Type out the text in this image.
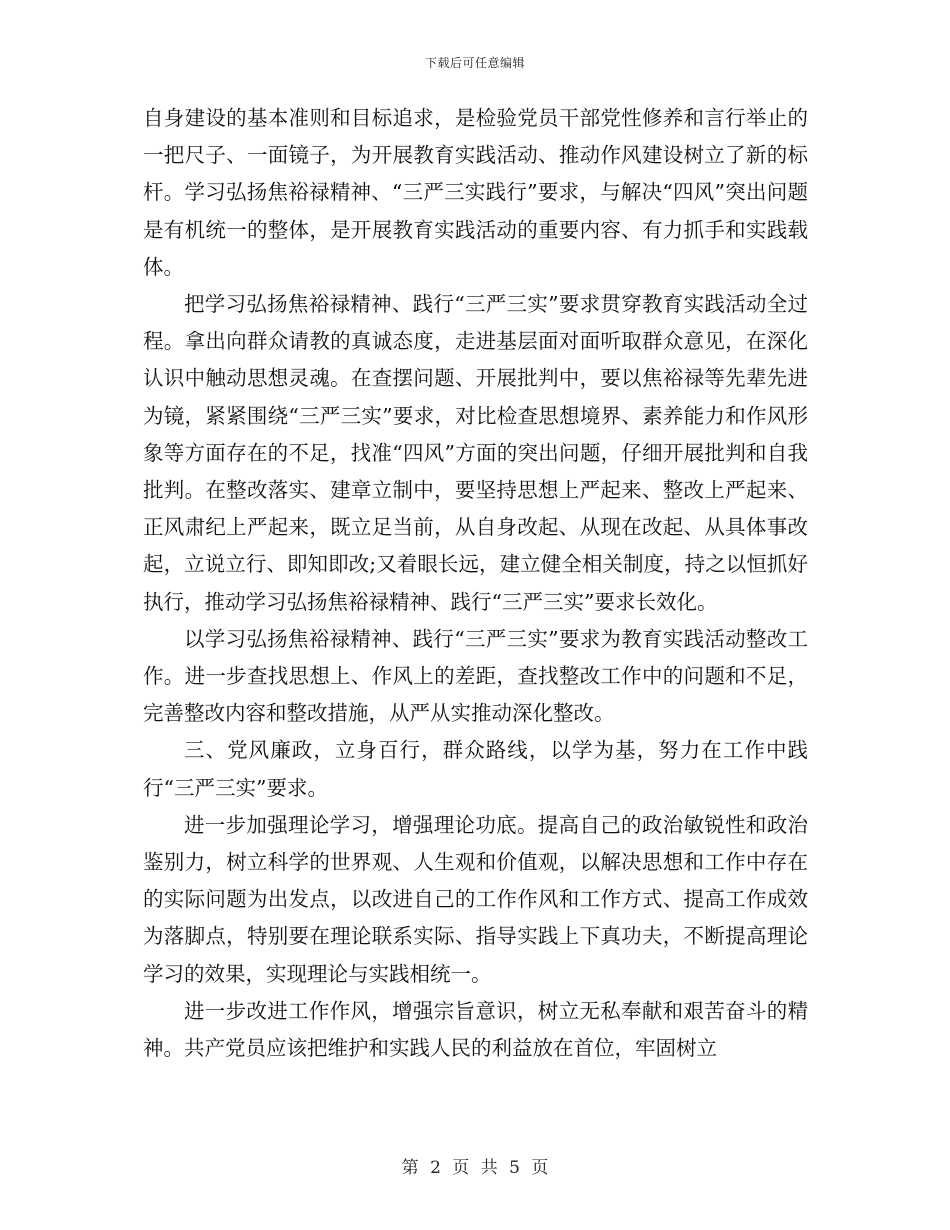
下载后可任意编辑

自身建设的基本准则和目标追求，是检验党员干部党性修养和言行举止的一把尺子、一面镜子，为开展教育实践活动、推动作风建设树立了新的标杆。学习弘扬焦裕禄精神、“三严三实践行”要求，与解决“四风”突出问题是有机统一的整体，是开展教育实践活动的重要内容、有力抓手和实践载体。

把学习弘扬焦裕禄精神、践行“三严三实”要求贯穿教育实践活动全过程。拿出向群众请教的真诚态度，走进基层面对面听取群众意见，在深化认识中触动思想灵魂。在查摆问题、开展批判中，要以焦裕禄等先辈先进为镜，紧紧围绕“三严三实”要求，对比检查思想境界、素养能力和作风形象等方面存在的不足，找准“四风”方面的突出问题，仔细开展批判和自我批判。在整改落实、建章立制中，要坚持思想上严起来、整改上严起来、正风肃纪上严起来，既立足当前，从自身改起、从现在改起、从具体事改起，立说立行、即知即改;又着眼长远，建立健全相关制度，持之以恒抓好执行，推动学习弘扬焦裕禄精神、践行“三严三实”要求长效化。

以学习弘扬焦裕禄精神、践行“三严三实”要求为教育实践活动整改工作。进一步查找思想上、作风上的差距，查找整改工作中的问题和不足，完善整改内容和整改措施，从严从实推动深化整改。

三、党风廉政，立身百行，群众路线，以学为基，努力在工作中践行“三严三实”要求。

进一步加强理论学习，增强理论功底。提高自己的政治敏锐性和政治鉴别力，树立科学的世界观、人生观和价值观，以解决思想和工作中存在的实际问题为出发点，以改进自己的工作作风和工作方式、提高工作成效为落脚点，特别要在理论联系实际、指导实践上下真功夫，不断提高理论学习的效果，实现理论与实践相统一。

进一步改进工作作风，增强宗旨意识，树立无私奉献和艰苦奋斗的精神。共产党员应该把维护和实践人民的利益放在首位，牢固树立

第 2 页 共 5 页
